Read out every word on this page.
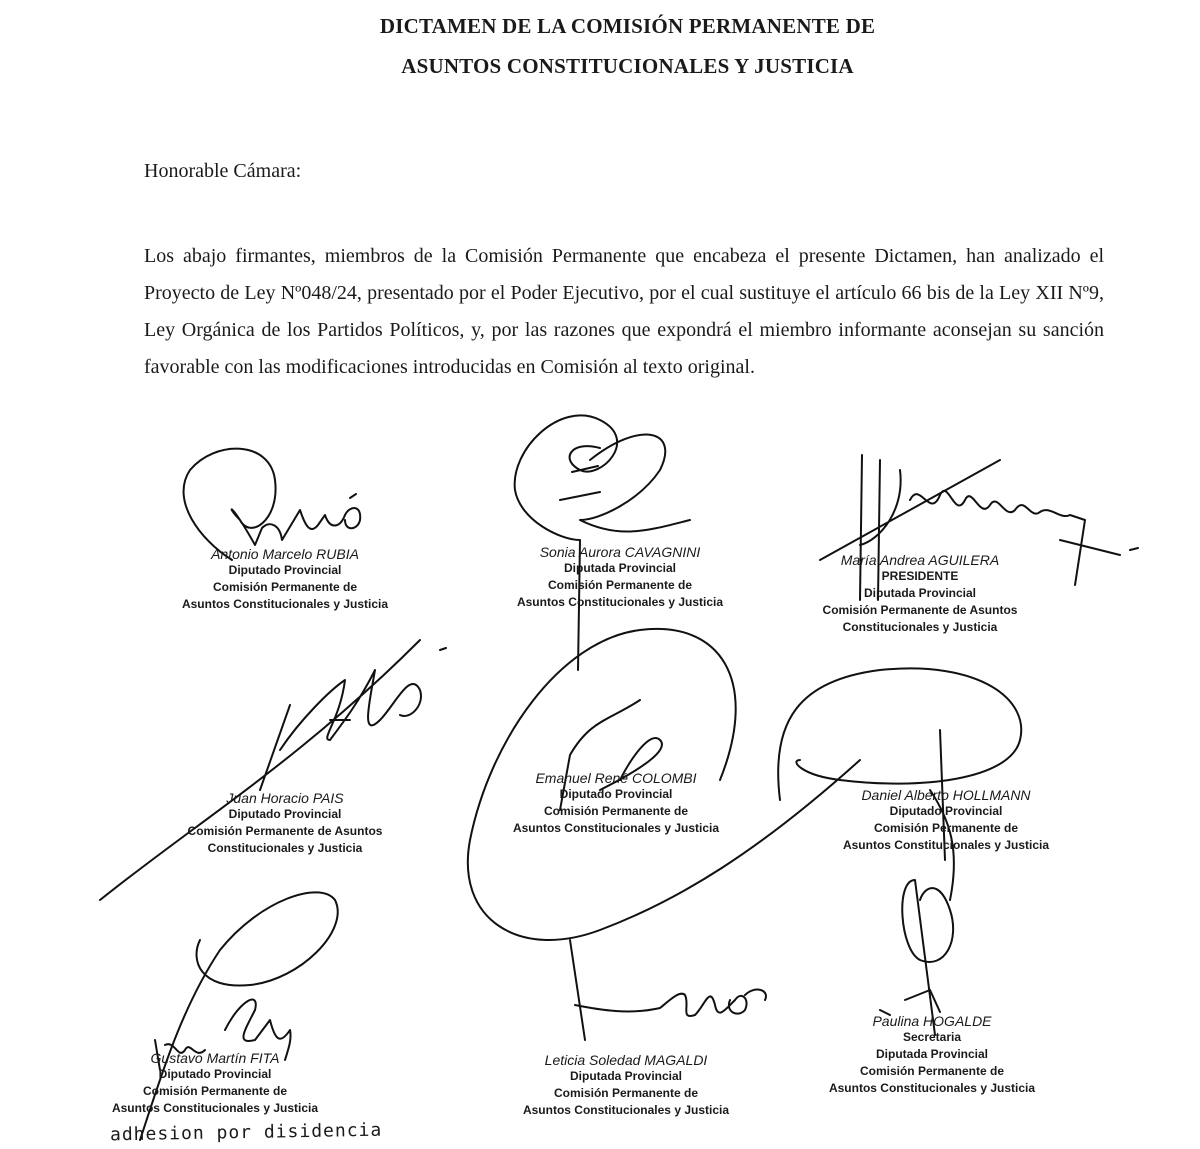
DICTAMEN DE LA COMISIÓN PERMANENTE DE
ASUNTOS CONSTITUCIONALES Y JUSTICIA
Honorable Cámara:
Los abajo firmantes, miembros de la Comisión Permanente que encabeza el presente Dictamen, han analizado el Proyecto de Ley Nº048/24, presentado por el Poder Ejecutivo, por el cual sustituye el artículo 66 bis de la Ley XII Nº9, Ley Orgánica de los Partidos Políticos, y, por las razones que expondrá el miembro informante aconsejan su sanción favorable con las modificaciones introducidas en Comisión al texto original.
Antonio Marcelo RUBIA
Diputado Provincial
Comisión Permanente de
Asuntos Constitucionales y Justicia
Sonia Aurora CAVAGNINI
Diputada Provincial
Comisión Permanente de
Asuntos Constitucionales y Justicia
María Andrea AGUILERA
PRESIDENTE
Diputada Provincial
Comisión Permanente de Asuntos
Constitucionales y Justicia
Juan Horacio PAIS
Diputado Provincial
Comisión Permanente de Asuntos
Constitucionales y Justicia
Emanuel René COLOMBI
Diputado Provincial
Comisión Permanente de
Asuntos Constitucionales y Justicia
Daniel Alberto HOLLMANN
Diputado Provincial
Comisión Permanente de
Asuntos Constitucionales y Justicia
Gustavo Martín FITA
Diputado Provincial
Comisión Permanente de
Asuntos Constitucionales y Justicia
Leticia Soledad MAGALDI
Diputada Provincial
Comisión Permanente de
Asuntos Constitucionales y Justicia
Paulina HOGALDE
Secretaria
Diputada Provincial
Comisión Permanente de
Asuntos Constitucionales y Justicia
adhesion por disidencia
